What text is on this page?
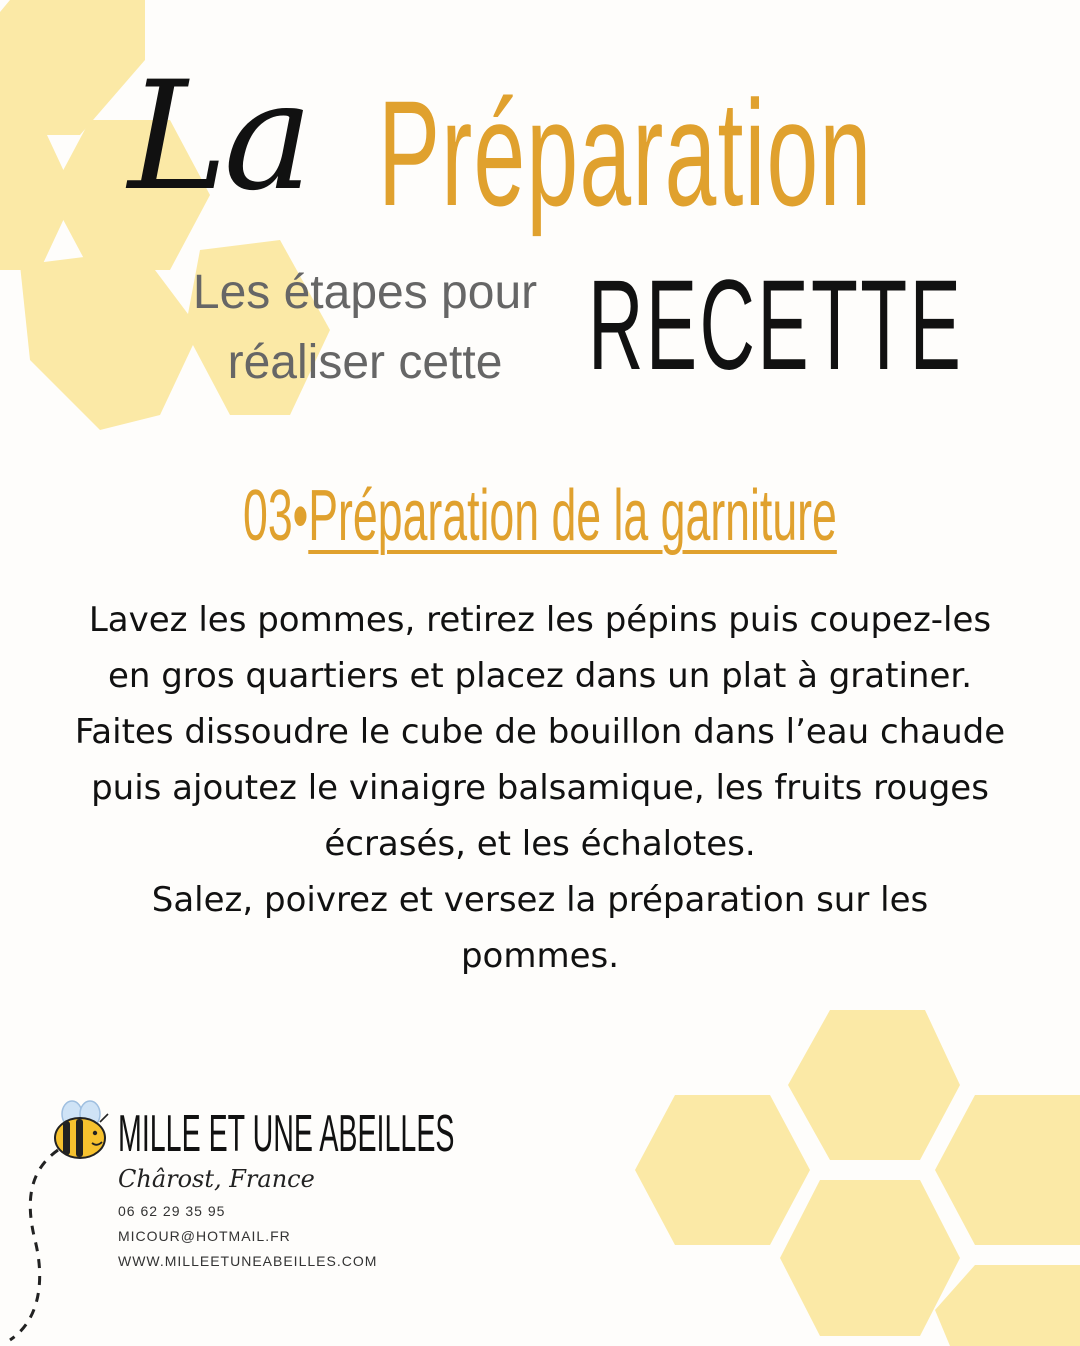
La Préparation
Les étapes pour
réaliser cette RECETTE
03•Préparation de la garniture

Lavez les pommes, retirez les pépins puis coupez-les en gros quartiers et placez dans un plat à gratiner.

Faites dissoudre le cube de bouillon dans l’eau chaude puis ajoutez le vinaigre balsamique, les fruits rouges écrasés, et les échalotes.

Salez, poivrez et versez la préparation sur les pommes.

MILLE ET UNE ABEILLES
Chârost, France
06 62 29 35 95
MICOUR@HOTMAIL.FR
WWW.MILLEETUNEABEILLES.COM
